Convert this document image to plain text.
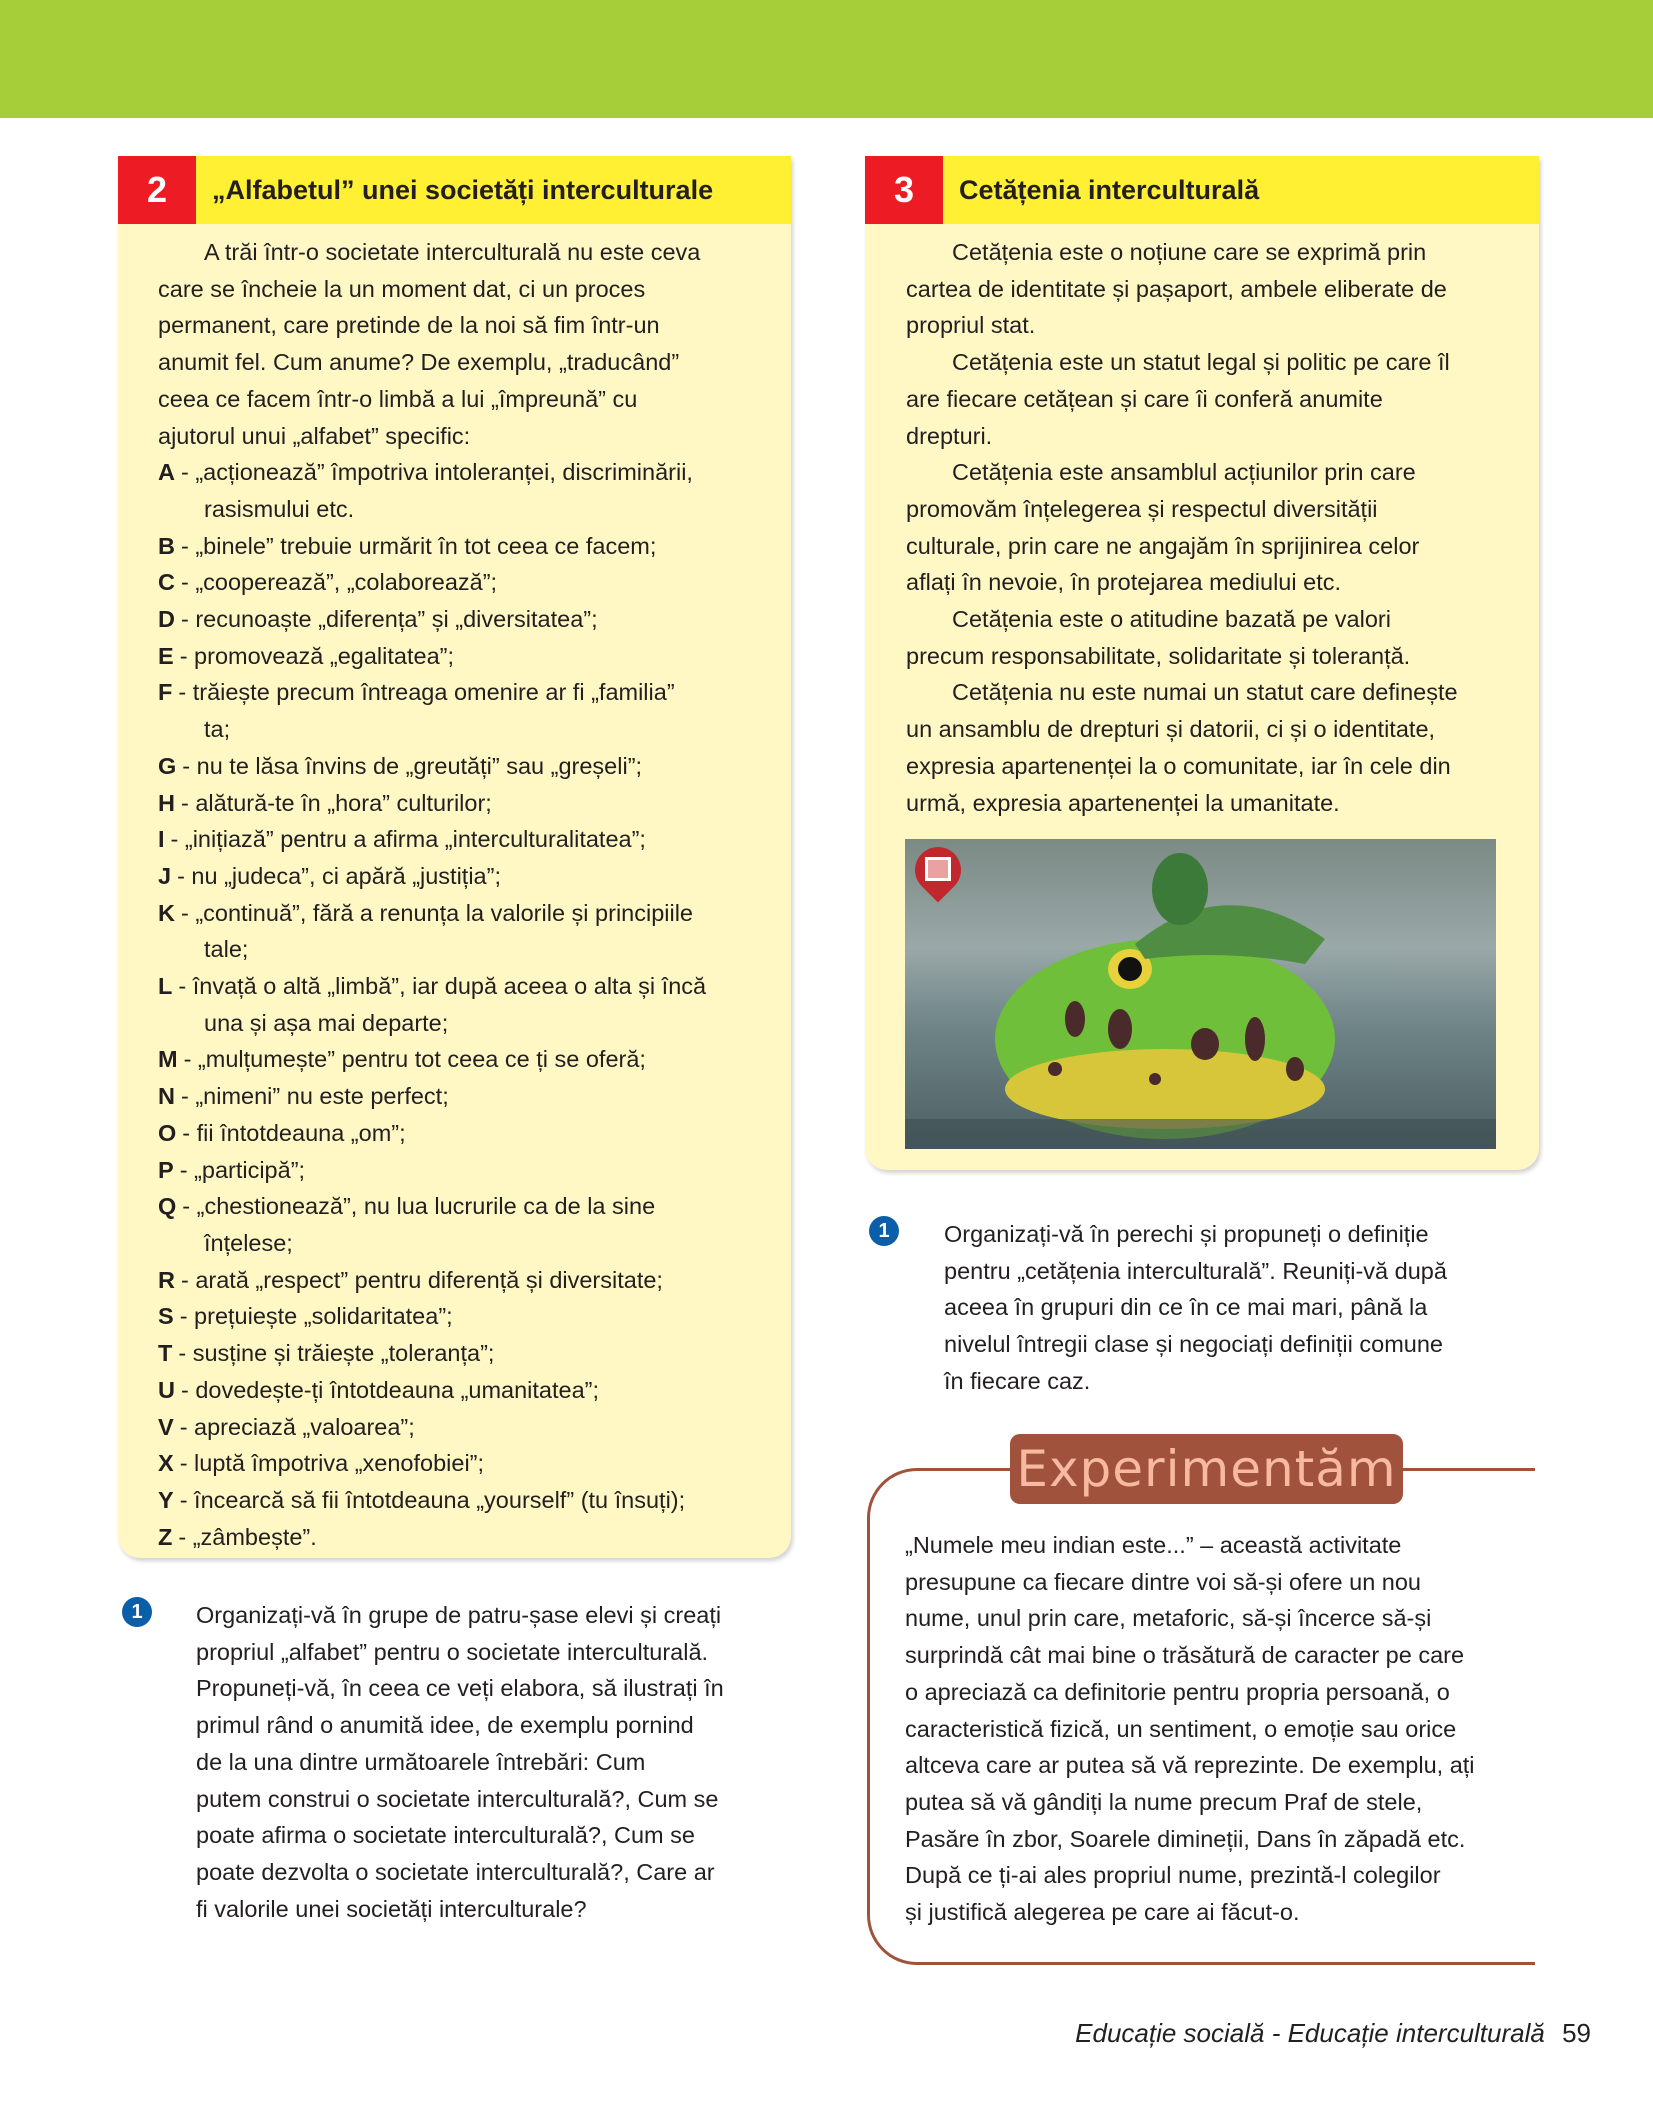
2	„Alfabetul” unei societăți interculturale
A trăi într-o societate interculturală nu este ceva
care se încheie la un moment dat, ci un proces
permanent, care pretinde de la noi să fim într-un
anumit fel. Cum anume? De exemplu, „traducând”
ceea ce facem într-o limbă a lui „împreună” cu
ajutorul unui „alfabet” specific:
A - „acționează” împotriva intoleranței, discriminării,
rasismului etc.
B - „binele” trebuie urmărit în tot ceea ce facem;
C - „cooperează”, „colaborează”;
D - recunoaște „diferența” și „diversitatea”;
E - promovează „egalitatea”;
F - trăiește precum întreaga omenire ar fi „familia”
ta;
G - nu te lăsa învins de „greutăți” sau „greșeli”;
H - alătură-te în „hora” culturilor;
I - „inițiază” pentru a afirma „interculturalitatea”;
J - nu „judeca”, ci apără „justiția”;
K - „continuă”, fără a renunța la valorile și principiile
tale;
L - învață o altă „limbă”, iar după aceea o alta și încă
una și așa mai departe;
M - „mulțumește” pentru tot ceea ce ți se oferă;
N - „nimeni” nu este perfect;
O - fii întotdeauna „om”;
P - „participă”;
Q - „chestionează”, nu lua lucrurile ca de la sine
înțelese;
R - arată „respect” pentru diferență și diversitate;
S - prețuiește „solidaritatea”;
T - susține și trăiește „toleranța”;
U - dovedește-ți întotdeauna „umanitatea”;
V - apreciază „valoarea”;
X - luptă împotriva „xenofobiei”;
Y - încearcă să fii întotdeauna „yourself” (tu însuți);
Z - „zâmbește”.
1	Organizați-vă în grupe de patru-șase elevi și creați
propriul „alfabet” pentru o societate interculturală.
Propuneți-vă, în ceea ce veți elabora, să ilustrați în
primul rând o anumită idee, de exemplu pornind
de la una dintre următoarele întrebări: Cum
putem construi o societate interculturală?, Cum se
poate afirma o societate interculturală?, Cum se
poate dezvolta o societate interculturală?, Care ar
fi valorile unei societăți interculturale?
3	Cetățenia interculturală
Cetățenia este o noțiune care se exprimă prin
cartea de identitate și pașaport, ambele eliberate de
propriul stat.
Cetățenia este un statut legal și politic pe care îl
are fiecare cetățean și care îi conferă anumite
drepturi.
Cetățenia este ansamblul acțiunilor prin care
promovăm înțelegerea și respectul diversității
culturale, prin care ne angajăm în sprijinirea celor
aflați în nevoie, în protejarea mediului etc.
Cetățenia este o atitudine bazată pe valori
precum responsabilitate, solidaritate și toleranță.
Cetățenia nu este numai un statut care definește
un ansamblu de drepturi și datorii, ci și o identitate,
expresia apartenenței la o comunitate, iar în cele din
urmă, expresia apartenenței la umanitate.
1	Organizați-vă în perechi și propuneți o definiție
pentru „cetățenia interculturală”. Reuniți-vă după
aceea în grupuri din ce în ce mai mari, până la
nivelul întregii clase și negociați definiții comune
în fiecare caz.
Experimentăm
„Numele meu indian este...” – această activitate
presupune ca fiecare dintre voi să-și ofere un nou
nume, unul prin care, metaforic, să-și încerce să-și
surprindă cât mai bine o trăsătură de caracter pe care
o apreciază ca definitorie pentru propria persoană, o
caracteristică fizică, un sentiment, o emoție sau orice
altceva care ar putea să vă reprezinte. De exemplu, ați
putea să vă gândiți la nume precum Praf de stele,
Pasăre în zbor, Soarele dimineții, Dans în zăpadă etc.
După ce ți-ai ales propriul nume, prezintă-l colegilor
și justifică alegerea pe care ai făcut-o.
Educație socială - Educație interculturală 59
